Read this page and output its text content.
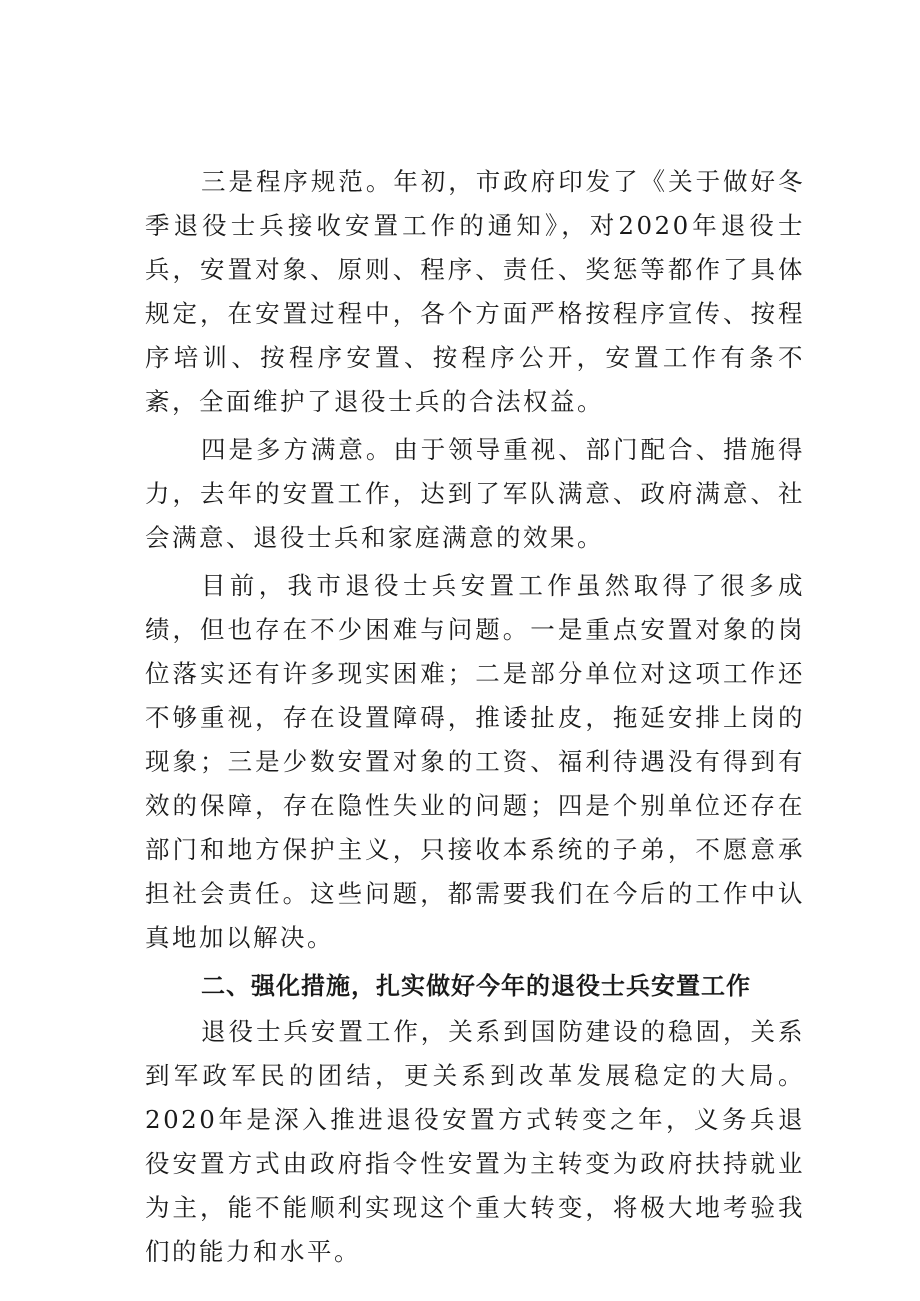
三是程序规范。年初，市政府印发了《关于做好冬季退役士兵接收安置工作的通知》，对2020年退役士兵，安置对象、原则、程序、责任、奖惩等都作了具体规定，在安置过程中，各个方面严格按程序宣传、按程序培训、按程序安置、按程序公开，安置工作有条不紊，全面维护了退役士兵的合法权益。

四是多方满意。由于领导重视、部门配合、措施得力，去年的安置工作，达到了军队满意、政府满意、社会满意、退役士兵和家庭满意的效果。

目前，我市退役士兵安置工作虽然取得了很多成绩，但也存在不少困难与问题。一是重点安置对象的岗位落实还有许多现实困难；二是部分单位对这项工作还不够重视，存在设置障碍，推诿扯皮，拖延安排上岗的现象；三是少数安置对象的工资、福利待遇没有得到有效的保障，存在隐性失业的问题；四是个别单位还存在部门和地方保护主义，只接收本系统的子弟，不愿意承担社会责任。这些问题，都需要我们在今后的工作中认真地加以解决。

二、强化措施，扎实做好今年的退役士兵安置工作

退役士兵安置工作，关系到国防建设的稳固，关系到军政军民的团结，更关系到改革发展稳定的大局。2020年是深入推进退役安置方式转变之年，义务兵退役安置方式由政府指令性安置为主转变为政府扶持就业为主，能不能顺利实现这个重大转变，将极大地考验我们的能力和水平。
